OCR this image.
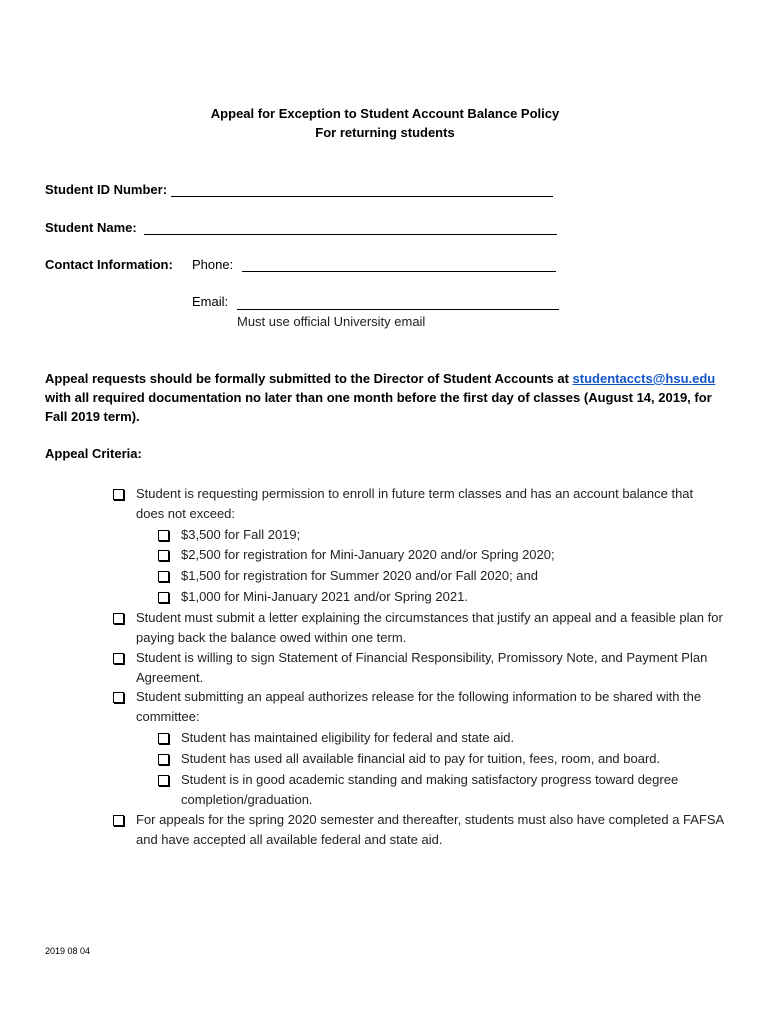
Appeal for Exception to Student Account Balance Policy
For returning students
Student ID Number:
Student Name:
Contact Information: Phone:
Email:
Must use official University email
Appeal requests should be formally submitted to the Director of Student Accounts at studentaccts@hsu.edu with all required documentation no later than one month before the first day of classes (August 14, 2019, for Fall 2019 term).
Appeal Criteria:
Student is requesting permission to enroll in future term classes and has an account balance that does not exceed:
$3,500 for Fall 2019;
$2,500 for registration for Mini-January 2020 and/or Spring 2020;
$1,500 for registration for Summer 2020 and/or Fall 2020; and
$1,000 for Mini-January 2021 and/or Spring 2021.
Student must submit a letter explaining the circumstances that justify an appeal and a feasible plan for paying back the balance owed within one term.
Student is willing to sign Statement of Financial Responsibility, Promissory Note, and Payment Plan Agreement.
Student submitting an appeal authorizes release for the following information to be shared with the committee:
Student has maintained eligibility for federal and state aid.
Student has used all available financial aid to pay for tuition, fees, room, and board.
Student is in good academic standing and making satisfactory progress toward degree completion/graduation.
For appeals for the spring 2020 semester and thereafter, students must also have completed a FAFSA and have accepted all available federal and state aid.
2019 08 04
